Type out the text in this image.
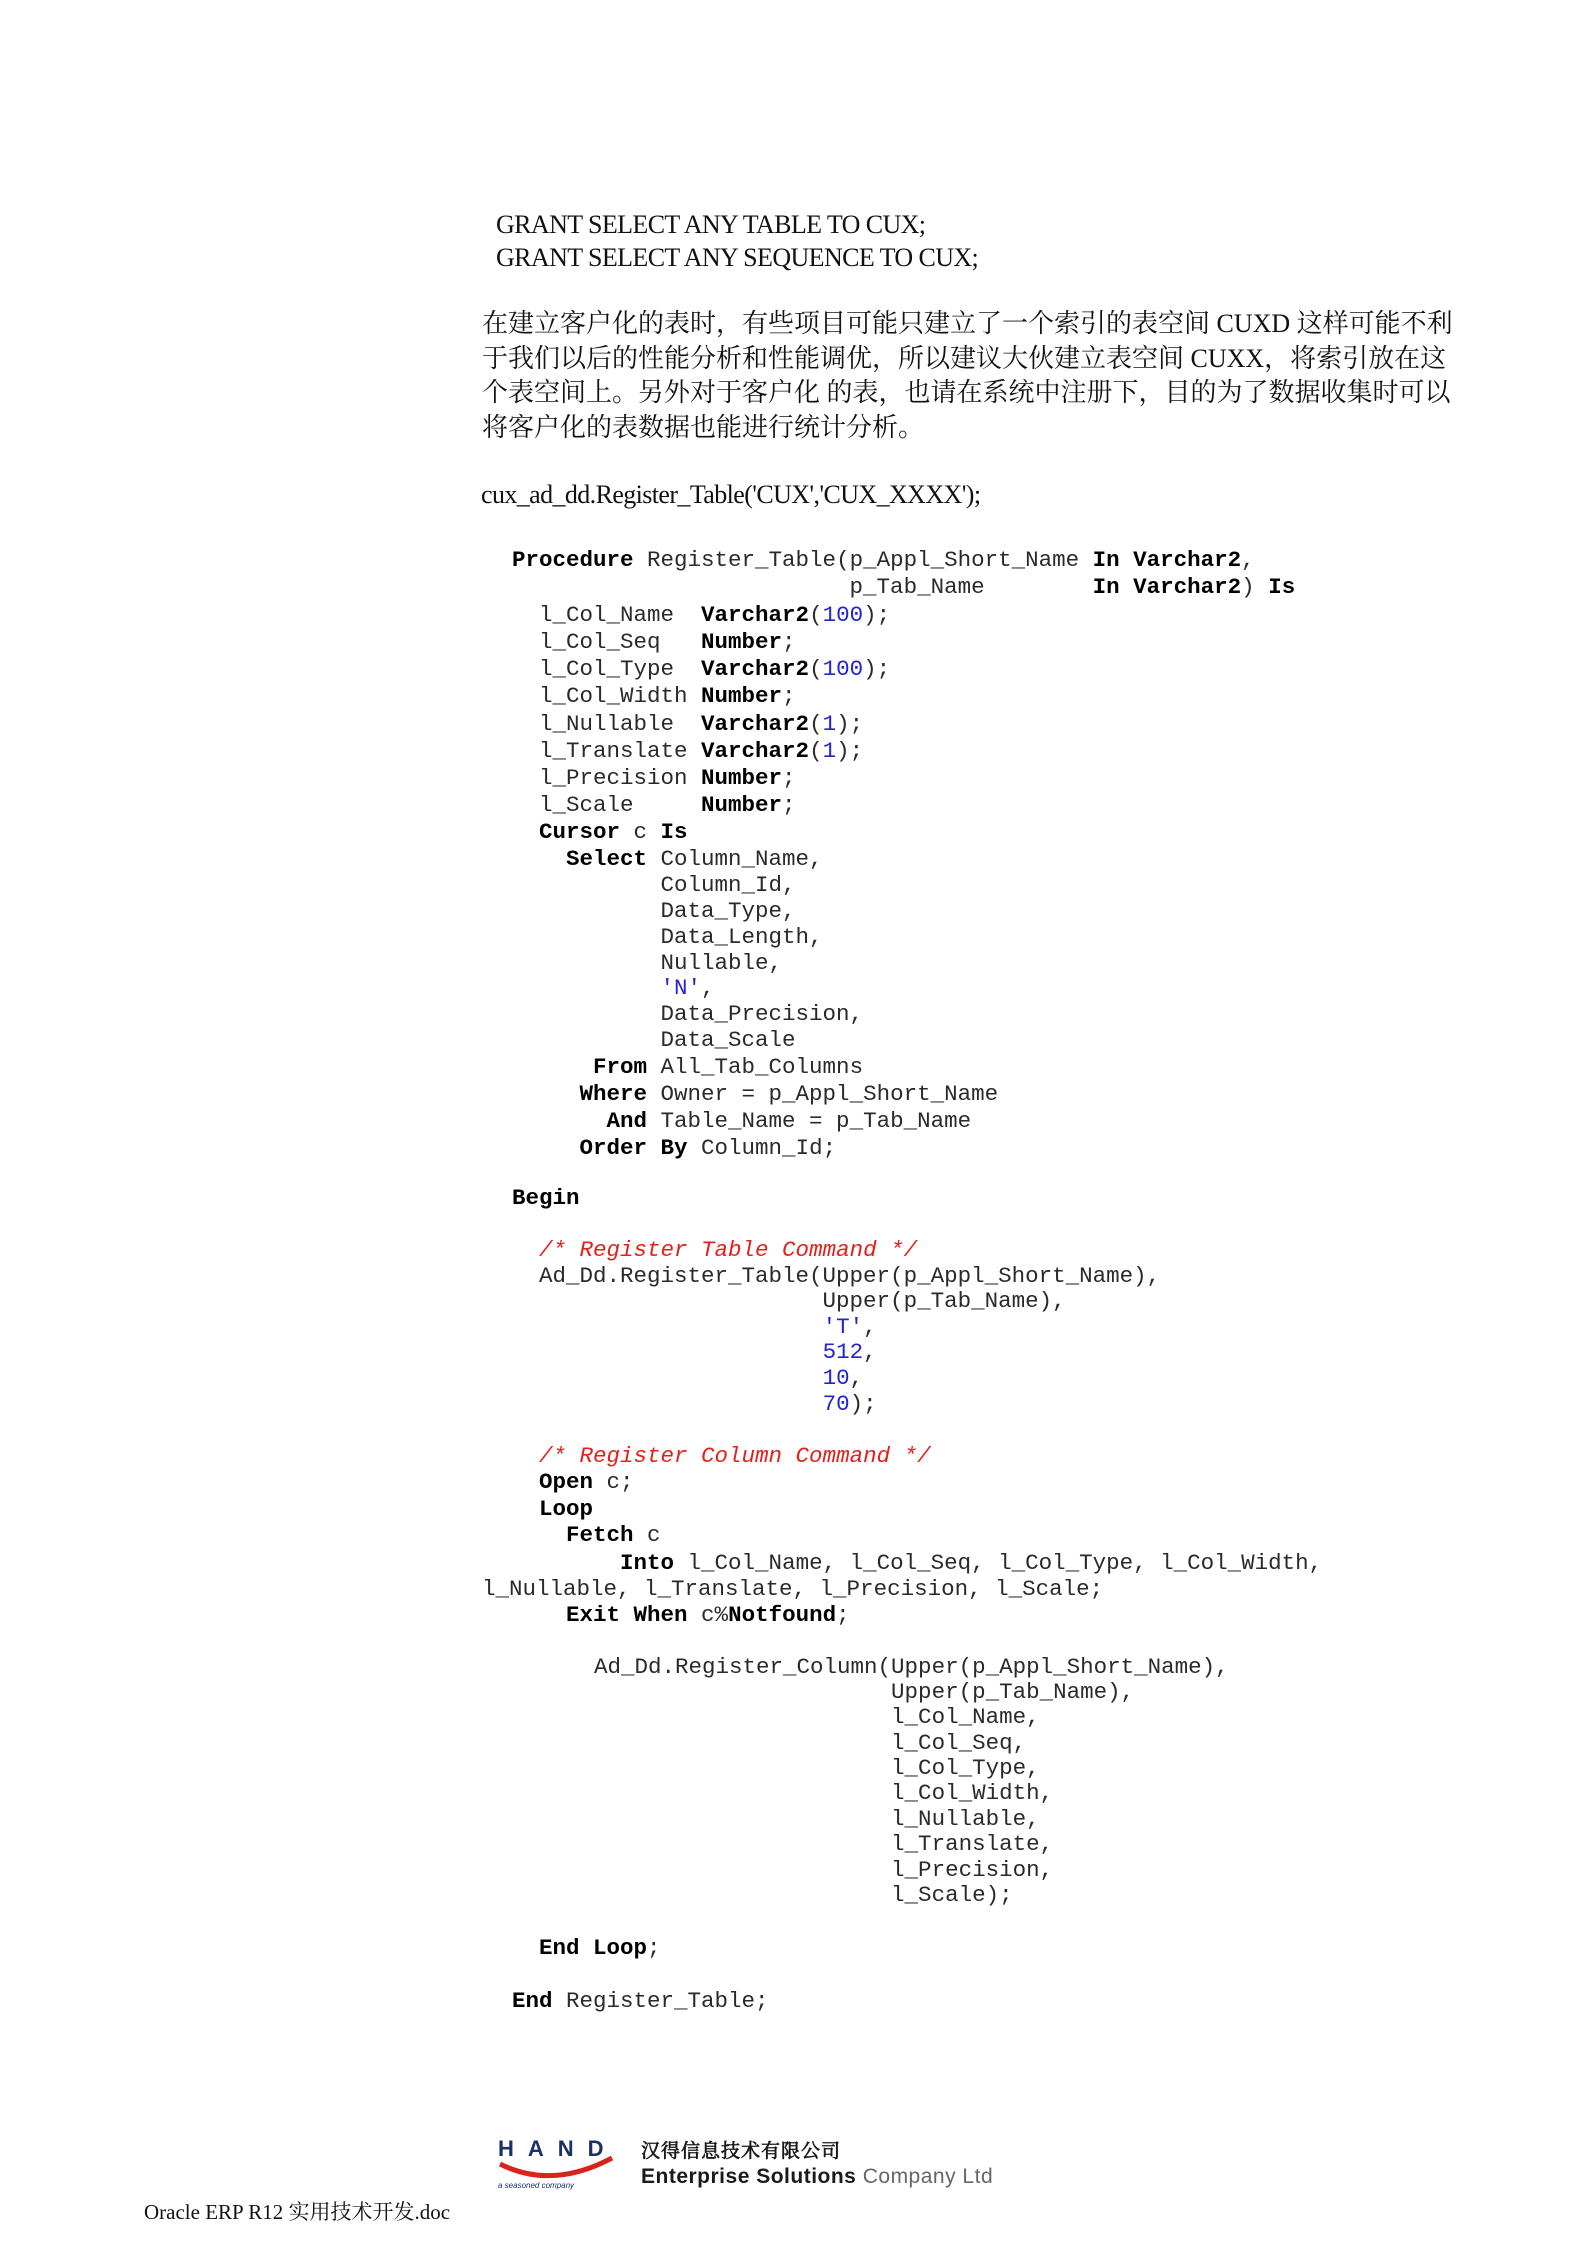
GRANT SELECT ANY TABLE TO CUX;
GRANT SELECT ANY SEQUENCE TO CUX;
在建立客户化的表时，有些项目可能只建立了一个索引的表空间 CUXD 这样可能不利
于我们以后的性能分析和性能调优，所以建议大伙建立表空间 CUXX，将索引放在这
个表空间上。另外对于客户化 的表，也请在系统中注册下，目的为了数据收集时可以
将客户化的表数据也能进行统计分析。
cux_ad_dd.Register_Table('CUX','CUX_XXXX');
Procedure Register_Table(p_Appl_Short_Name In Varchar2,
p_Tab_Name        In Varchar2) Is
l_Col_Name  Varchar2(100);
l_Col_Seq   Number;
l_Col_Type  Varchar2(100);
l_Col_Width Number;
l_Nullable  Varchar2(1);
l_Translate Varchar2(1);
l_Precision Number;
l_Scale     Number;
Cursor c Is
Select Column_Name,
Column_Id,
Data_Type,
Data_Length,
Nullable,
'N',
Data_Precision,
Data_Scale
From All_Tab_Columns
Where Owner = p_Appl_Short_Name
And Table_Name = p_Tab_Name
Order By Column_Id;
Begin
/* Register Table Command */
Ad_Dd.Register_Table(Upper(p_Appl_Short_Name),
Upper(p_Tab_Name),
'T',
512,
10,
70);
/* Register Column Command */
Open c;
Loop
Fetch c
Into l_Col_Name, l_Col_Seq, l_Col_Type, l_Col_Width,
l_Nullable, l_Translate, l_Precision, l_Scale;
Exit When c%Notfound;
Ad_Dd.Register_Column(Upper(p_Appl_Short_Name),
Upper(p_Tab_Name),
l_Col_Name,
l_Col_Seq,
l_Col_Type,
l_Col_Width,
l_Nullable,
l_Translate,
l_Precision,
l_Scale);
End Loop;
End Register_Table;
HAND
a seasoned company
汉得信息技术有限公司
Enterprise Solutions Company Ltd
Oracle ERP R12 实用技术开发.doc
